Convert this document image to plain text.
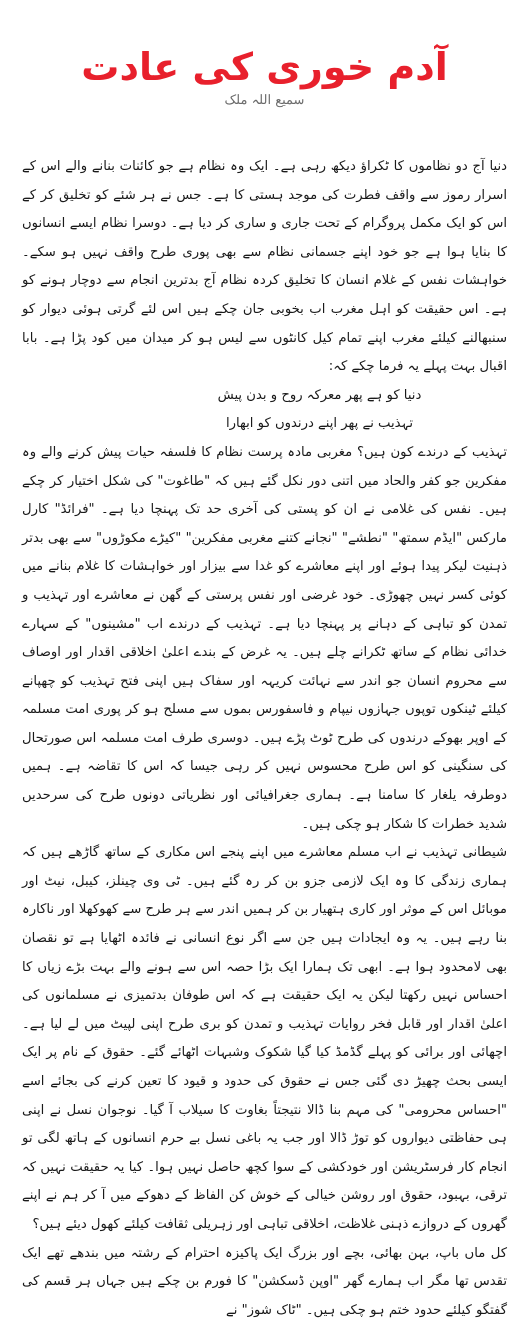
آدم خوری کی عادت
سمیع اللہ ملک

دنیا آج دو نظاموں کا ٹکراؤ دیکھ رہی ہے۔ ایک وہ نظام ہے جو کائنات بنانے والے اس کے اسرار رموز سے واقف فطرت کی موجد ہستی کا ہے۔ جس نے ہر شئے کو تخلیق کر کے اس کو ایک مکمل پروگرام کے تحت جاری و ساری کر دیا ہے۔ دوسرا نظام ایسے انسانوں کا بنایا ہوا ہے جو خود اپنے جسمانی نظام سے بھی پوری طرح واقف نہیں ہو سکے۔ خواہشات نفس کے غلام انسان کا تخلیق کردہ نظام آج بدترین انجام سے دوچار ہونے کو ہے۔ اس حقیقت کو اہل مغرب اب بخوبی جان چکے ہیں اس لئے گرتی ہوئی دیوار کو سنبھالنے کیلئے مغرب اپنے تمام کیل کانٹوں سے لیس ہو کر میدان میں کود پڑا ہے۔ بابا اقبال بہت پہلے یہ فرما چکے کہ:

دنیا کو ہے پھر معرکہ روح و بدن پیش
تہذیب نے پھر اپنے درندوں کو ابھارا

تہذیب کے درندے کون ہیں؟ مغربی مادہ پرست نظام کا فلسفہ حیات پیش کرنے والے وہ مفکرین جو کفر والحاد میں اتنی دور نکل گئے ہیں کہ "طاغوت" کی شکل اختیار کر چکے ہیں۔ نفس کی غلامی نے ان کو پستی کی آخری حد تک پہنچا دیا ہے۔ "فرائڈ" کارل مارکس "ایڈم سمتھ" "نطشے" "نجانے کتنے مغربی مفکرین" "کیڑے مکوڑوں" سے بھی بدتر ذہنیت لیکر پیدا ہوئے اور اپنے معاشرے کو غدا سے بیزار اور خواہشات کا غلام بنانے میں کوئی کسر نہیں چھوڑی۔ خود غرضی اور نفس پرستی کے گھن نے معاشرے اور تہذیب و تمدن کو تباہی کے دہانے پر پہنچا دیا ہے۔ تہذیب کے درندے اب "مشینوں" کے سہارے خدائی نظام کے ساتھ ٹکرانے چلے ہیں۔ یہ غرض کے بندے اعلیٰ اخلاقی اقدار اور اوصاف سے محروم انسان جو اندر سے نہائت کریہہ اور سفاک ہیں اپنی فتح تہذیب کو چھپانے کیلئے ٹینکوں توپوں جہازوں نیپام و فاسفورس بموں سے مسلح ہو کر پوری امت مسلمہ کے اوپر بھوکے درندوں کی طرح ٹوٹ پڑے ہیں۔ دوسری طرف امت مسلمہ اس صورتحال کی سنگینی کو اس طرح محسوس نہیں کر رہی جیسا کہ اس کا تقاضہ ہے۔ ہمیں دوطرفہ یلغار کا سامنا ہے۔ ہماری جغرافیائی اور نظریاتی دونوں طرح کی سرحدیں شدید خطرات کا شکار ہو چکی ہیں۔

شیطانی تہذیب نے اب مسلم معاشرے میں اپنے پنجے اس مکاری کے ساتھ گاڑھے ہیں کہ ہماری زندگی کا وہ ایک لازمی جزو بن کر رہ گئے ہیں۔ ٹی وی چینلز، کیبل، نیٹ اور موبائل اس کے موثر اور کاری ہتھیار بن کر ہمیں اندر سے ہر طرح سے کھوکھلا اور ناکارہ بنا رہے ہیں۔ یہ وہ ایجادات ہیں جن سے اگر نوع انسانی نے فائدہ اٹھایا ہے تو نقصان بھی لامحدود ہوا ہے۔ ابھی تک ہمارا ایک بڑا حصہ اس سے ہونے والے بہت بڑے زیاں کا احساس نہیں رکھتا لیکن یہ ایک حقیقت ہے کہ اس طوفان بدتمیزی نے مسلمانوں کی اعلیٰ اقدار اور قابل فخر روایات تہذیب و تمدن کو بری طرح اپنی لپیٹ میں لے لیا ہے۔ اچھائی اور برائی کو پہلے گڈمڈ کیا گیا شکوک وشبہات اٹھائے گئے۔ حقوق کے نام پر ایک ایسی بحث چھیڑ دی گئی جس نے حقوق کی حدود و قیود کا تعین کرنے کی بجائے اسے "احساس محرومی" کی مہم بنا ڈالا نتیجتاً بغاوت کا سیلاب آ گیا۔ نوجوان نسل نے اپنی ہی حفاظتی دیواروں کو توڑ ڈالا اور جب یہ باغی نسل بے حرم انسانوں کے ہاتھ لگی تو انجام کار فرسٹریشن اور خودکشی کے سوا کچھ حاصل نہیں ہوا۔ کیا یہ حقیقت نہیں کہ ترقی، بہبود، حقوق اور روشن خیالی کے خوش کن الفاظ کے دھوکے میں آ کر ہم نے اپنے گھروں کے دروازے ذہنی غلاظت، اخلاقی تباہی اور زہریلی ثقافت کیلئے کھول دیئے ہیں؟

کل ماں باپ، بہن بھائی، بچے اور بزرگ ایک پاکیزہ احترام کے رشتہ میں بندھے تھے ایک تقدس تھا مگر اب ہمارے گھر "اوپن ڈسکشن" کا فورم بن چکے ہیں جہاں ہر قسم کی گفتگو کیلئے حدود ختم ہو چکی ہیں۔ "ٹاک شوز" نے
